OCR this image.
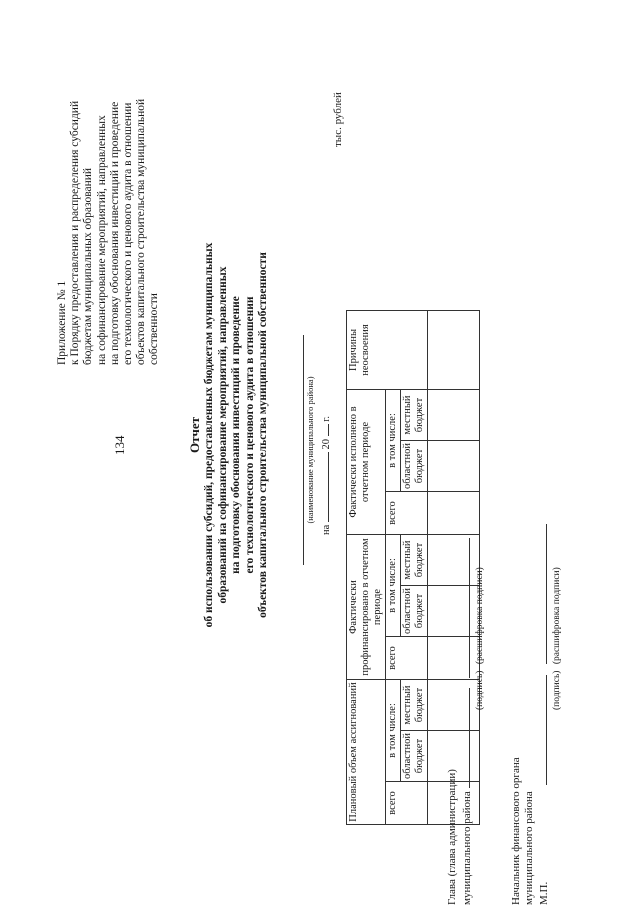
134
Приложение № 1 к Порядку предоставления и распределения субсидий бюджетам муниципальных образований на софинансирование мероприятий, направленных на подготовку обоснования инвестиций и проведение его технологического и ценового аудита в отношении объектов капитального строительства муниципальной собственности
Отчет об использовании субсидий, предоставленных бюджетам муниципальных образований на софинансирование мероприятий, направленных на подготовку обоснования инвестиций и проведение его технологического и ценового аудита в отношении объектов капитального строительства муниципальной собственности	(наименование муниципального района)
на  20  г.
тыс. рублей
Плановый объем ассигнований			Фактически профинансировано в отчетном периоде			Фактически исполнено в отчетном периоде			Причины неосвоения
всего	в том числе:		всего	в том числе:		всего	в том числе:		
	областной бюджет	местный бюджет		областной бюджет	местный бюджет		областной бюджет	местный бюджет	

Глава (глава администрации) муниципального района
(подпись) (расшифровка подписи)
Начальник финансового органа муниципального района М.П.
(подпись) (расшифровка подписи)
